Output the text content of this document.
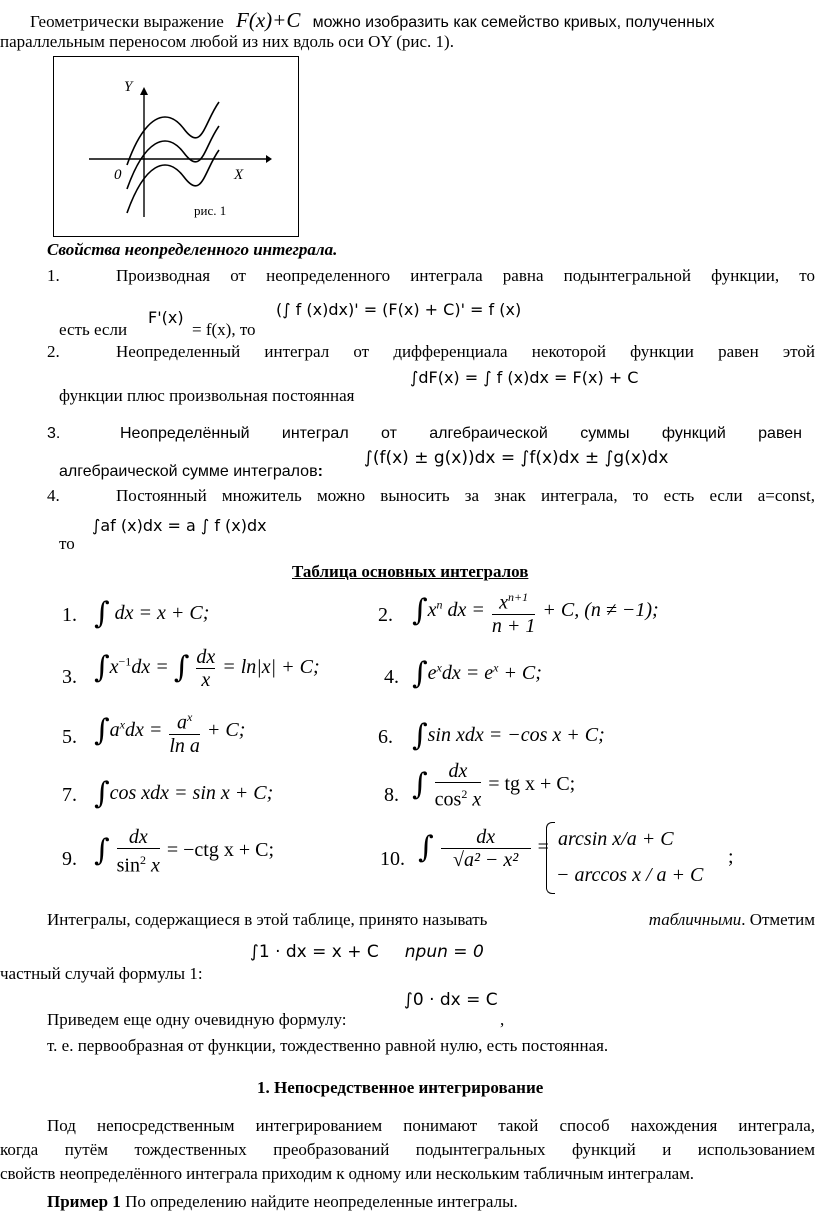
Геометрически выражение F(x)+C можно изобразить как семейство кривых, полученных
параллельным переносом любой из них вдоль оси OY (рис. 1).
Y
X
0
рис. 1
Свойства неопределенного интеграла.
1.	Производная от неопределенного интеграла равна подынтегральной функции, то
есть если
F'(x)
= f(x), то
(∫ f (x)dx)' = (F(x) + C)' = f (x)
2.	Неопределенный интеграл от дифференциала некоторой функции равен этой
функции плюс произвольная постоянная
∫dF(x) = ∫ f (x)dx = F(x) + C
3.	Неопределённый интеграл от алгебраической суммы функций равен
алгебраической сумме интегралов:
∫(f(x) ± g(x))dx = ∫f(x)dx ± ∫g(x)dx
4.	Постоянный множитель можно выносить за знак интеграла, то есть если a=const,
то
∫af (x)dx = a ∫ f (x)dx
Таблица основных интегралов
1. ∫ dx = x + C;	2. $\int x^n$ dx = $\frac{x^{n+1}}{n + 1} + C$, (n ≠ −1);
3. $\int x^{-1}dx$ = ∫ $\frac{dx}{x} = \ln|x| + C$;	4. $\int e^xdx = e^x + C$;
5. $\int a^xdx = \frac{a^x}{\text{ln a}} + C$;	6. ∫sin xdx = −cos x + C;
7. ∫cos xdx = sin x + C;	8. ∫ $\frac{dx}{\cos^2 x}$ = tg x + C;
9. ∫ $\frac{dx}{\sin^2 x} = -ctg$ x + C;	10. ∫ $\frac{dx}{\text{√a² − x²}} = \arcsin x/a + C$
− arccos x / a + C
;
Интегралы, содержащиеся в этой таблице, принято называть	табличными. Отметим
частный случай формулы 1:
∫1 · dx = x + C npun = 0
Приведем еще одну очевидную формулу:
∫0 · dx = C
,
т. е. первообразная от функции, тождественно равной нулю, есть постоянная.
1. Непосредственное интегрирование
Под непосредственным интегрированием понимают такой способ нахождения интеграла,
когда путём тождественных преобразований подынтегральных функций и использованием
свойств неопределённого интеграла приходим к одному или нескольким табличным интегралам.
Пример 1 По определению найдите неопределенные интегралы.
